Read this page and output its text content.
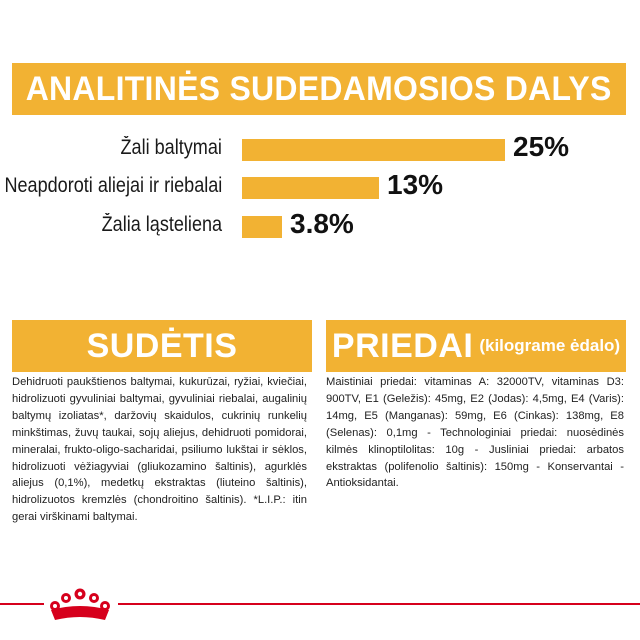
ANALITINĖS SUDEDAMOSIOS DALYS
Žali baltymai	25%
Neapdoroti aliejai ir riebalai	13%
Žalia ląsteliena 3.8%
SUDĖTIS
Dehidruoti paukštienos baltymai, kukurūzai, ryžiai, kviečiai, hidrolizuoti gyvuliniai baltymai, gyvuliniai riebalai, augalinių baltymų izoliatas*, daržovių skaidulos, cukrinių runkelių minkštimas, žuvų taukai, sojų aliejus, dehidruoti pomidorai, mineralai, frukto-oligo-sacharidai, psiliumo lukštai ir sėklos, hidrolizuoti vėžiagyviai (gliukozamino šaltinis), agurklės aliejus (0,1%), medetkų ekstraktas (liuteino šaltinis), hidrolizuotos kremzlės (chondroitino šaltinis). *L.I.P.: itin gerai virškinami baltymai.
PRIEDAI (kilograme ėdalo)
Maistiniai priedai: vitaminas A: 32000TV, vitaminas D3: 900TV, E1 (Geležis): 45mg, E2 (Jodas): 4,5mg, E4 (Varis): 14mg, E5 (Manganas): 59mg, E6 (Cinkas): 138mg, E8 (Selenas): 0,1mg - Technologiniai priedai: nuosėdinės kilmės klinoptilolitas: 10g - Jusliniai priedai: arbatos ekstraktas (polifenolio šaltinis): 150mg - Konservantai - Antioksidantai.
